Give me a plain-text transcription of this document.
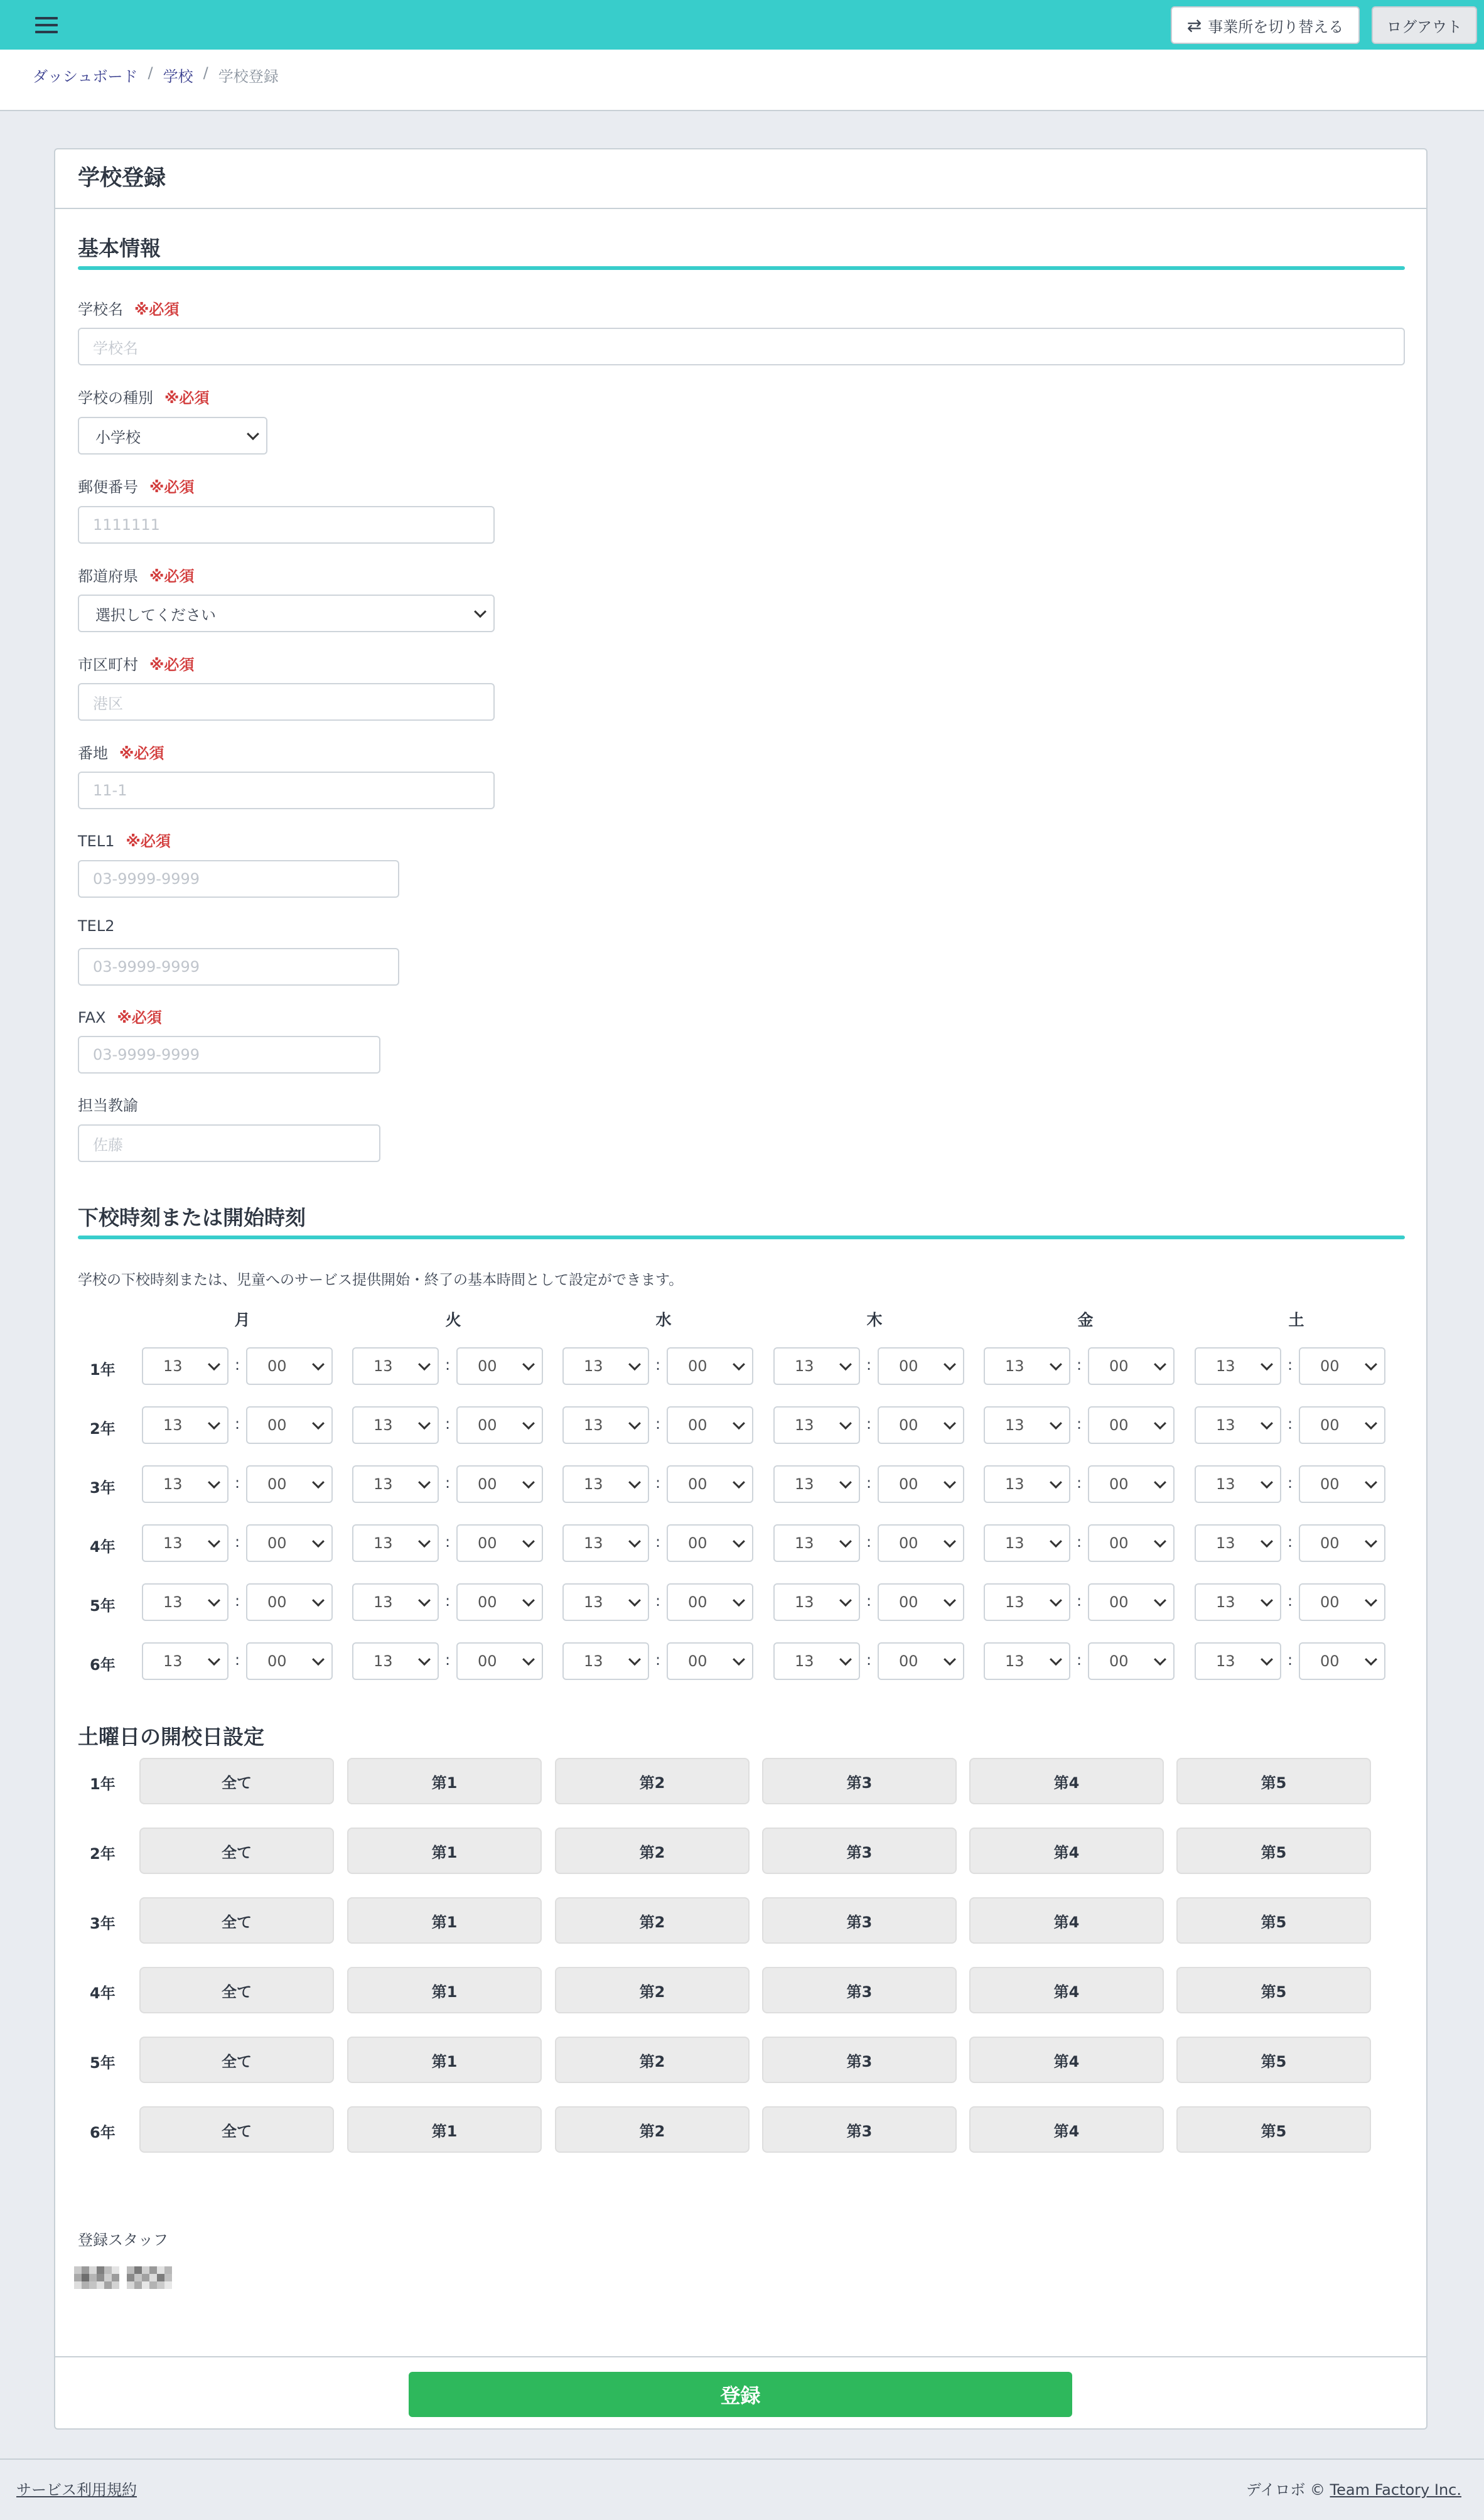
⇄ 事業所を切り替える	ログアウト
ダッシュボード / 学校 / 学校登録
学校登録
基本情報
学校名 ※必須
学校名
学校の種別 ※必須
小学校
郵便番号 ※必須
1111111
都道府県 ※必須
選択してください
市区町村 ※必須
港区
番地 ※必須
11-1
TEL1 ※必須
03-9999-9999
TEL2
03-9999-9999
FAX ※必須
03-9999-9999
担当教諭
佐藤
下校時刻または開始時刻
学校の下校時刻または、児童へのサービス提供開始・終了の基本時間として設定ができます。
月	火	水	木	金	土
1年	13	: 00	13	: 00	13	: 00	13	: 00	13	: 00	13	: 00
2年	13	: 00	13	: 00	13	: 00	13	: 00	13	: 00	13	: 00
3年	13	: 00	13	: 00	13	: 00	13	: 00	13	: 00	13	: 00
4年	13	: 00	13	: 00	13	: 00	13	: 00	13	: 00	13	: 00
5年	13	: 00	13	: 00	13	: 00	13	: 00	13	: 00	13	: 00
6年	13	: 00	13	: 00	13	: 00	13	: 00	13	: 00	13	: 00
土曜日の開校日設定
1年	全て	第1	第2	第3	第4	第5
2年	全て	第1	第2	第3	第4	第5
3年	全て	第1	第2	第3	第4	第5
4年	全て	第1	第2	第3	第4	第5
5年	全て	第1	第2	第3	第4	第5
6年	全て	第1	第2	第3	第4	第5
登録スタッフ
登録
サービス利用規約	デイロボ © Team Factory Inc.
